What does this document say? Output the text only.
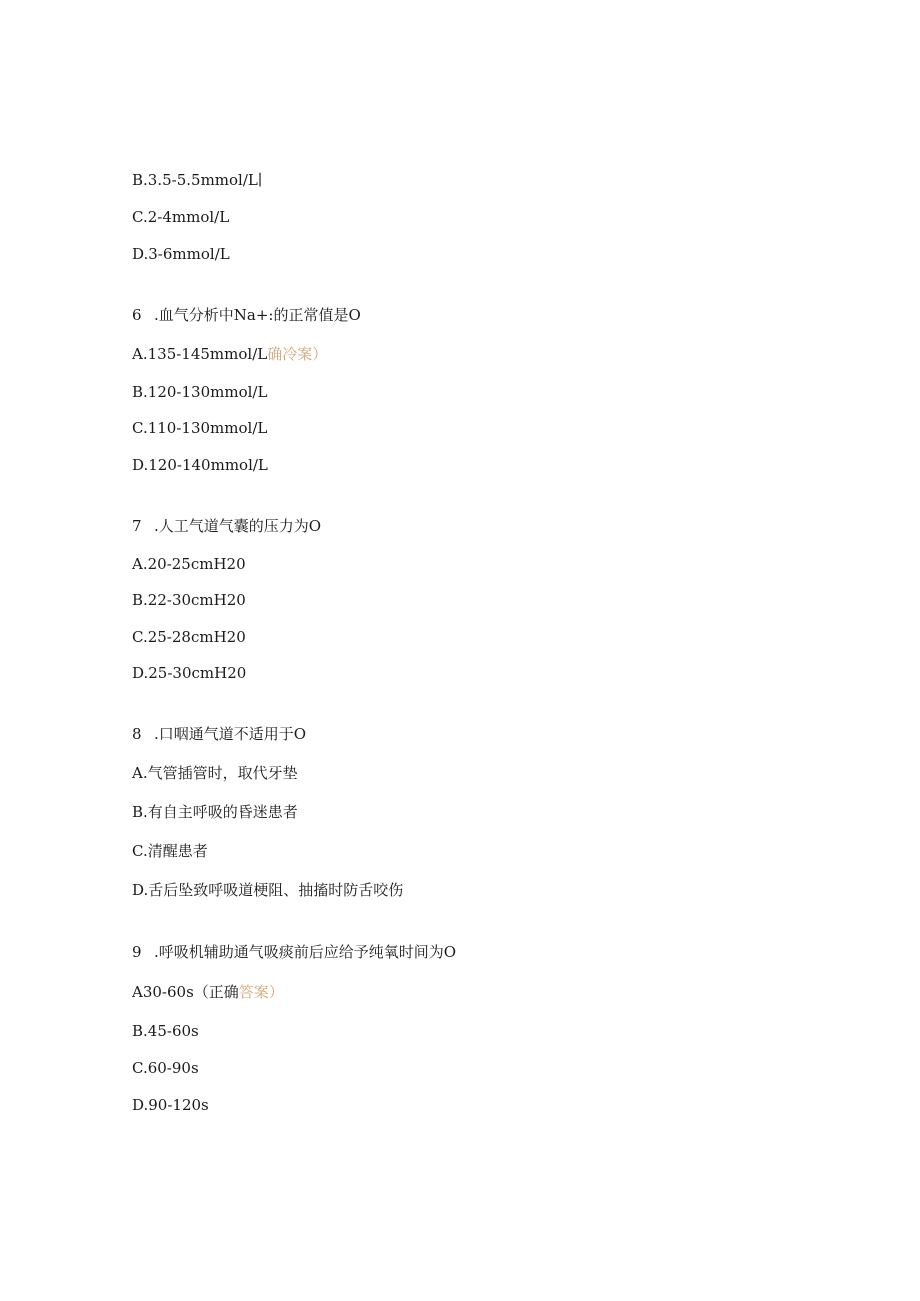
B.3.5-5.5mmol∕L∣
C.2-4mmol∕L
D.3-6mmol∕L
6 .血气分析中Na+:的正常值是O
A.135-145mmol∕L确冷案）
B.120-130mmol∕L
C.110-130mmol∕L
D.120-140mmol∕L
7 .人工气道气囊的压力为O
A.20-25cmH20
B.22-30cmH20
C.25-28cmH20
D.25-30cmH20
8 .口咽通气道不适用于O
A.气管插管时，取代牙垫
B.有自主呼吸的昏迷患者
C.清醒患者
D.舌后坠致呼吸道梗阻、抽搐时防舌咬伤
9 .呼吸机辅助通气吸痰前后应给予纯氧时间为O
A30-60s（正确答案）
B.45-60s
C.60-90s
D.90-120s
